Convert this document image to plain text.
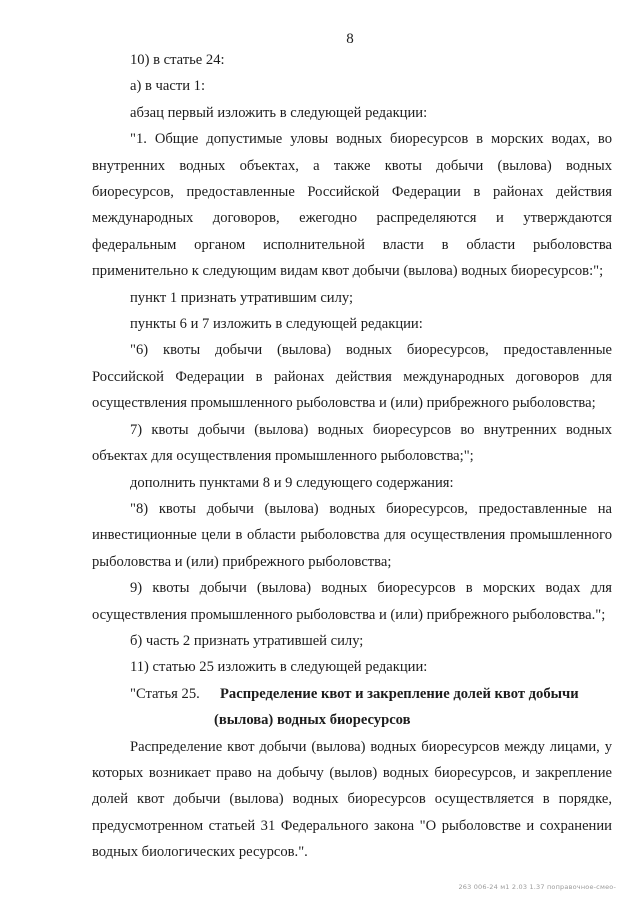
8

10) в статье 24:

а) в части 1:

абзац первый изложить в следующей редакции:

"1. Общие допустимые уловы водных биоресурсов в морских водах, во внутренних водных объектах, а также квоты добычи (вылова) водных биоресурсов, предоставленные Российской Федерации в районах действия международных договоров, ежегодно распределяются и утверждаются федеральным органом исполнительной власти в области рыболовства применительно к следующим видам квот добычи (вылова) водных биоресурсов:";

пункт 1 признать утратившим силу;

пункты 6 и 7 изложить в следующей редакции:

"6) квоты добычи (вылова) водных биоресурсов, предоставленные Российской Федерации в районах действия международных договоров для осуществления промышленного рыболовства и (или) прибрежного рыболовства;

7) квоты добычи (вылова) водных биоресурсов во внутренних водных объектах для осуществления промышленного рыболовства;";

дополнить пунктами 8 и 9 следующего содержания:

"8) квоты добычи (вылова) водных биоресурсов, предоставленные на инвестиционные цели в области рыболовства для осуществления промышленного рыболовства и (или) прибрежного рыболовства;

9) квоты добычи (вылова) водных биоресурсов в морских водах для осуществления промышленного рыболовства и (или) прибрежного рыболовства.";

б) часть 2 признать утратившей силу;

11) статью 25 изложить в следующей редакции:

"Статья 25. Распределение квот и закрепление долей квот добычи
(вылова) водных биоресурсов

Распределение квот добычи (вылова) водных биоресурсов между лицами, у которых возникает право на добычу (вылов) водных биоресурсов, и закрепление долей квот добычи (вылова) водных биоресурсов осуществляется в порядке, предусмотренном статьей 31 Федерального закона "О рыболовстве и сохранении водных биологических ресурсов.".

263 006-24 м1 2.03 1.37 поправочное-смео-
